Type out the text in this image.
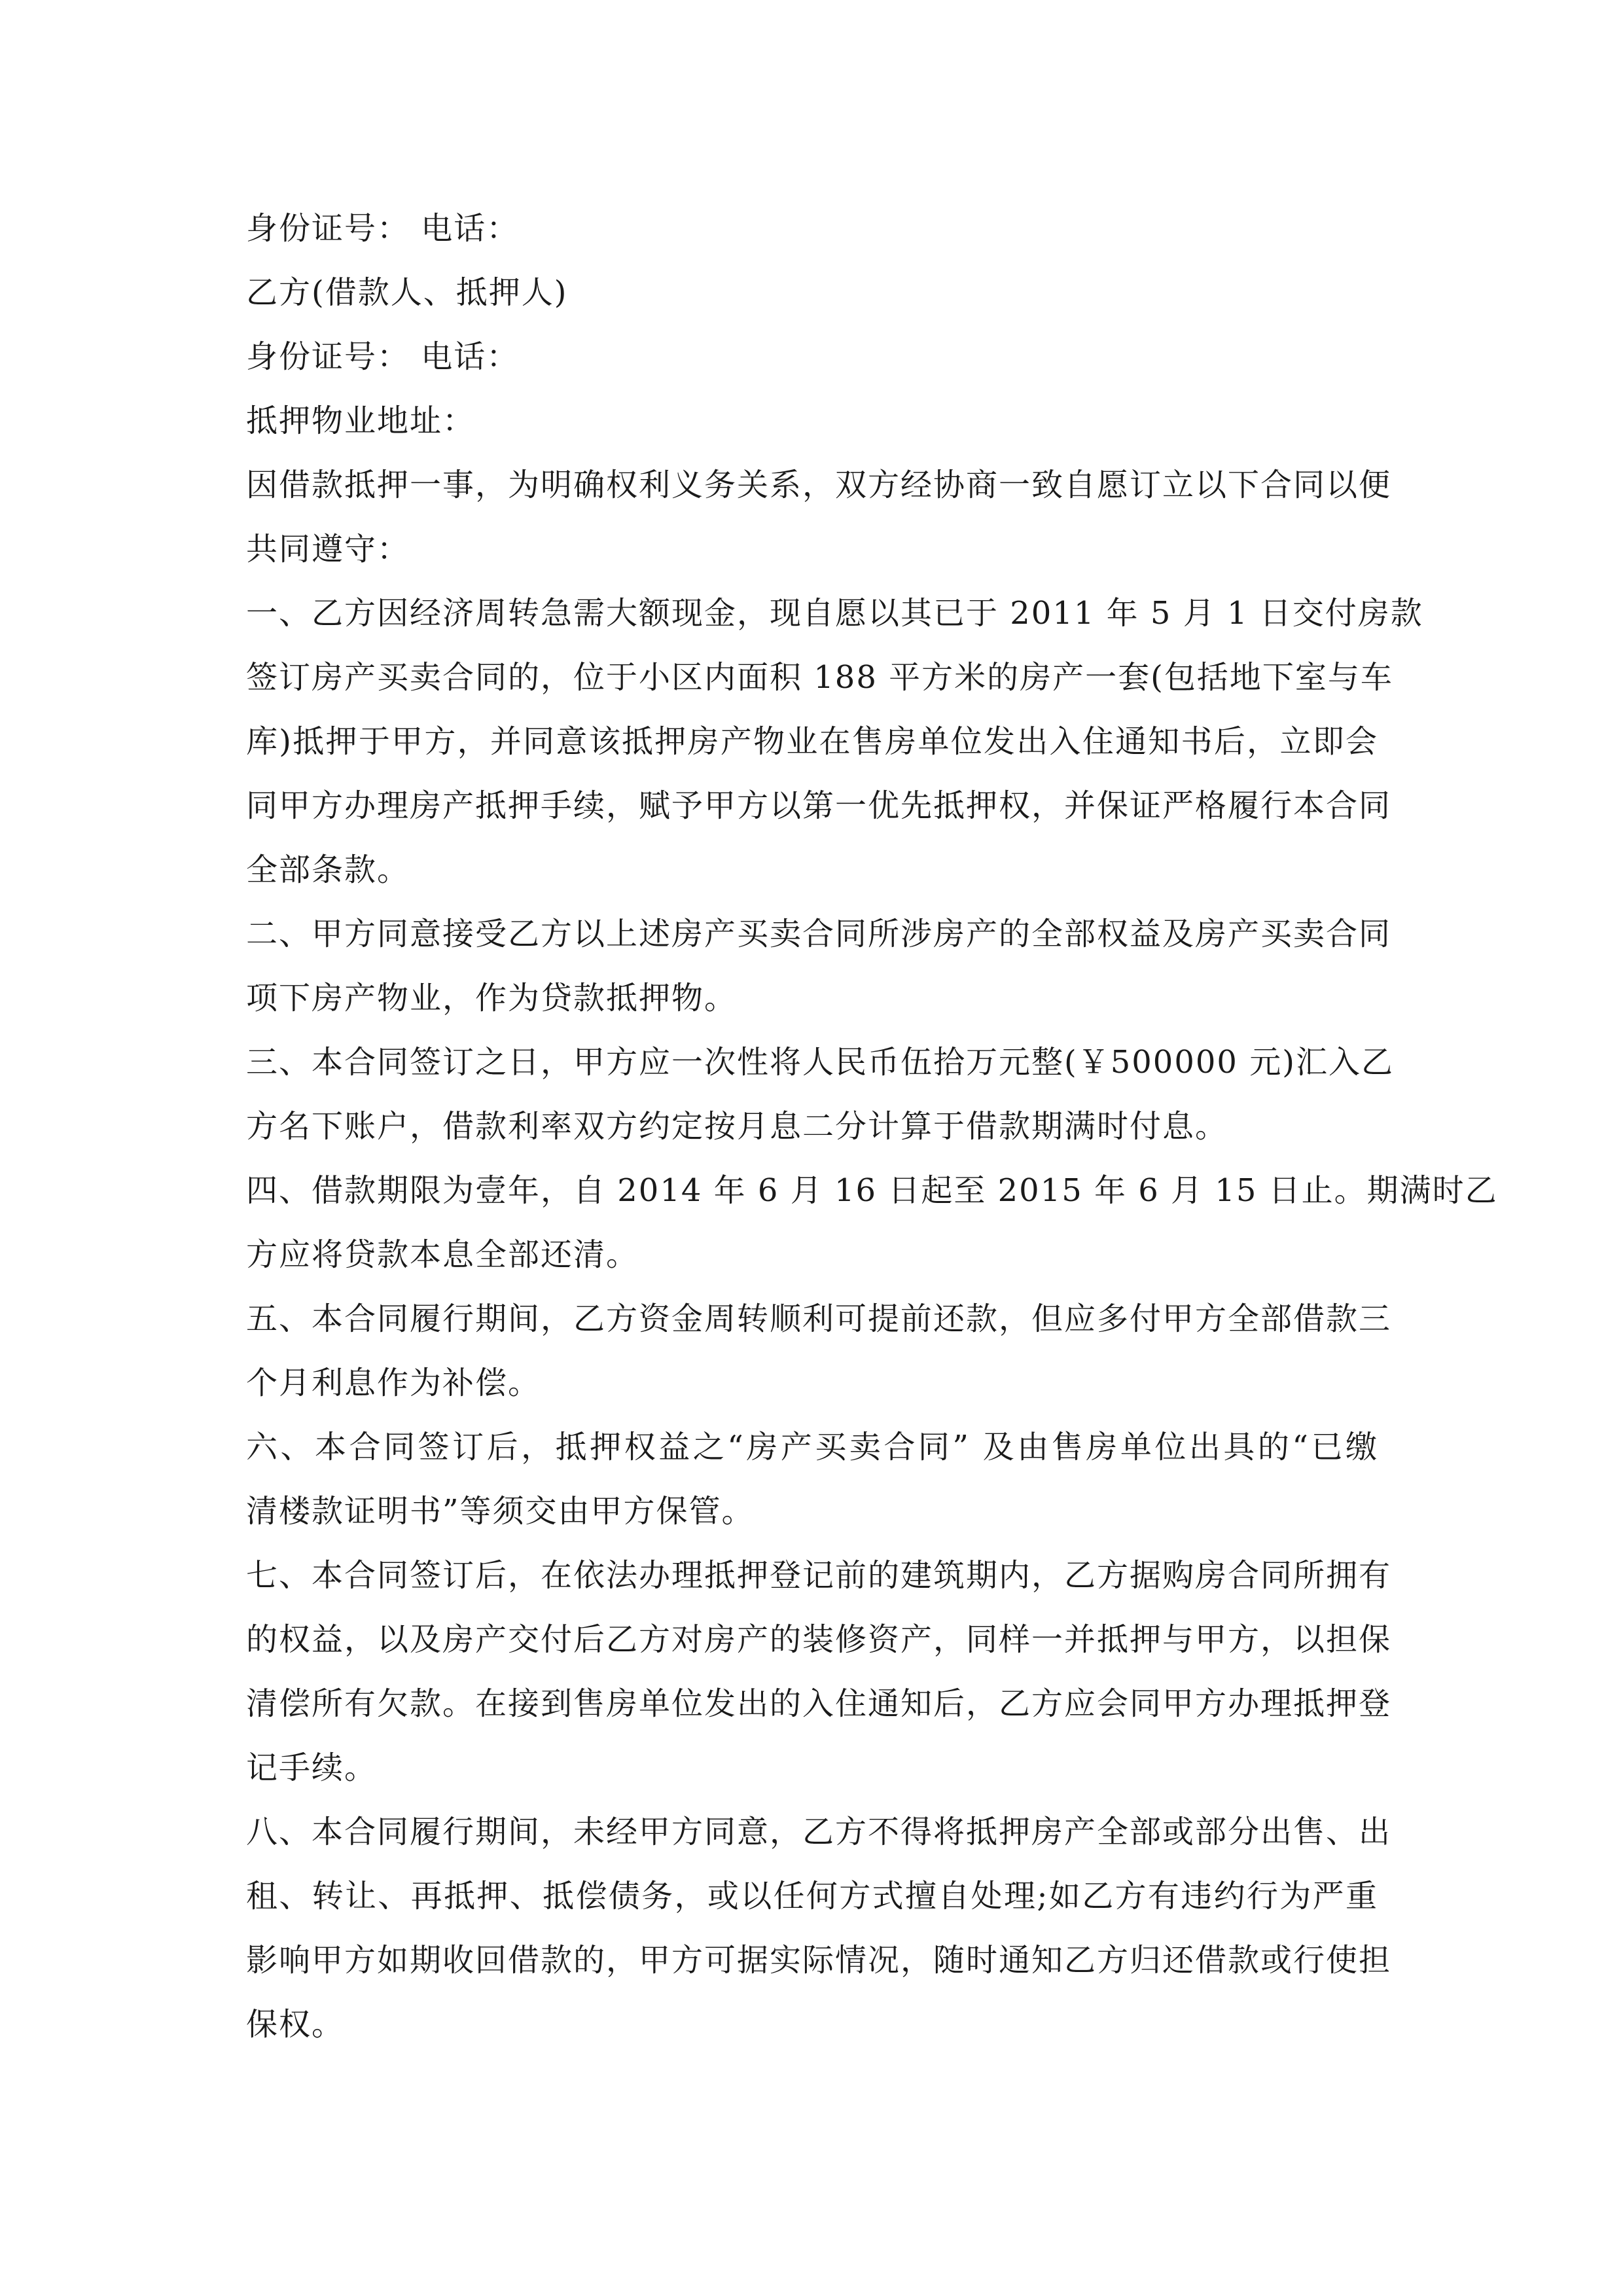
身份证号： 电话：
乙方(借款人、抵押人)
身份证号： 电话：
抵押物业地址：
因借款抵押一事，为明确权利义务关系，双方经协商一致自愿订立以下合同以便
共同遵守：
一、乙方因经济周转急需大额现金，现自愿以其已于 2011 年 5 月 1 日交付房款
签订房产买卖合同的，位于小区内面积 188 平方米的房产一套(包括地下室与车
库)抵押于甲方，并同意该抵押房产物业在售房单位发出入住通知书后，立即会
同甲方办理房产抵押手续，赋予甲方以第一优先抵押权，并保证严格履行本合同
全部条款。
二、甲方同意接受乙方以上述房产买卖合同所涉房产的全部权益及房产买卖合同
项下房产物业，作为贷款抵押物。
三、本合同签订之日，甲方应一次性将人民币伍拾万元整(￥500000 元)汇入乙
方名下账户，借款利率双方约定按月息二分计算于借款期满时付息。
四、借款期限为壹年，自 2014 年 6 月 16 日起至 2015 年 6 月 15 日止。期满时乙
方应将贷款本息全部还清。
五、本合同履行期间，乙方资金周转顺利可提前还款，但应多付甲方全部借款三
个月利息作为补偿。
六、本合同签订后，抵押权益之“房产买卖合同” 及由售房单位出具的“已缴
清楼款证明书”等须交由甲方保管。
七、本合同签订后，在依法办理抵押登记前的建筑期内，乙方据购房合同所拥有
的权益，以及房产交付后乙方对房产的装修资产，同样一并抵押与甲方，以担保
清偿所有欠款。在接到售房单位发出的入住通知后，乙方应会同甲方办理抵押登
记手续。
八、本合同履行期间，未经甲方同意，乙方不得将抵押房产全部或部分出售、出
租、转让、再抵押、抵偿债务，或以任何方式擅自处理;如乙方有违约行为严重
影响甲方如期收回借款的，甲方可据实际情况，随时通知乙方归还借款或行使担
保权。
